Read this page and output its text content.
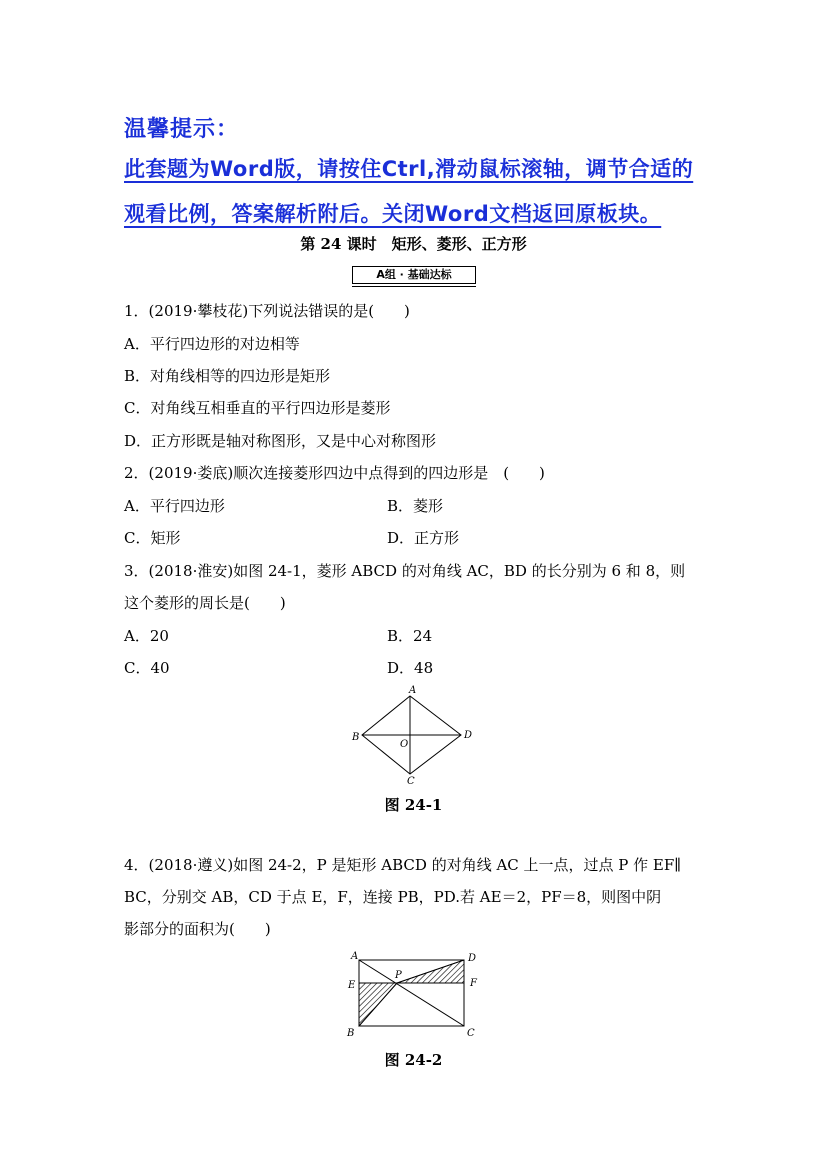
温馨提示：
此套题为Word版，请按住Ctrl,滑动鼠标滚轴，调节合适的
观看比例，答案解析附后。关闭Word文档返回原板块。
第 24 课时　矩形、菱形、正方形
A组 · 基础达标
1．(2019·攀枝花)下列说法错误的是(　　)
A．平行四边形的对边相等
B．对角线相等的四边形是矩形
C．对角线互相垂直的平行四边形是菱形
D．正方形既是轴对称图形，又是中心对称图形
2．(2019·娄底)顺次连接菱形四边中点得到的四边形是　(　　)
A．平行四边形	B．菱形
C．矩形	D．正方形
3．(2018·淮安)如图 24-1，菱形 ABCD 的对角线 AC，BD 的长分别为 6 和 8，则
这个菱形的周长是(　　)
A．20	B．24
C．40	D．48
A
B
C
D
O
图 24-1
4．(2018·遵义)如图 24-2，P 是矩形 ABCD 的对角线 AC 上一点，过点 P 作 EF∥
BC，分别交 AB，CD 于点 E，F，连接 PB，PD.若 AE＝2，PF＝8，则图中阴
影部分的面积为(　　)
A	D
P
E	F
B	C
图 24-2
